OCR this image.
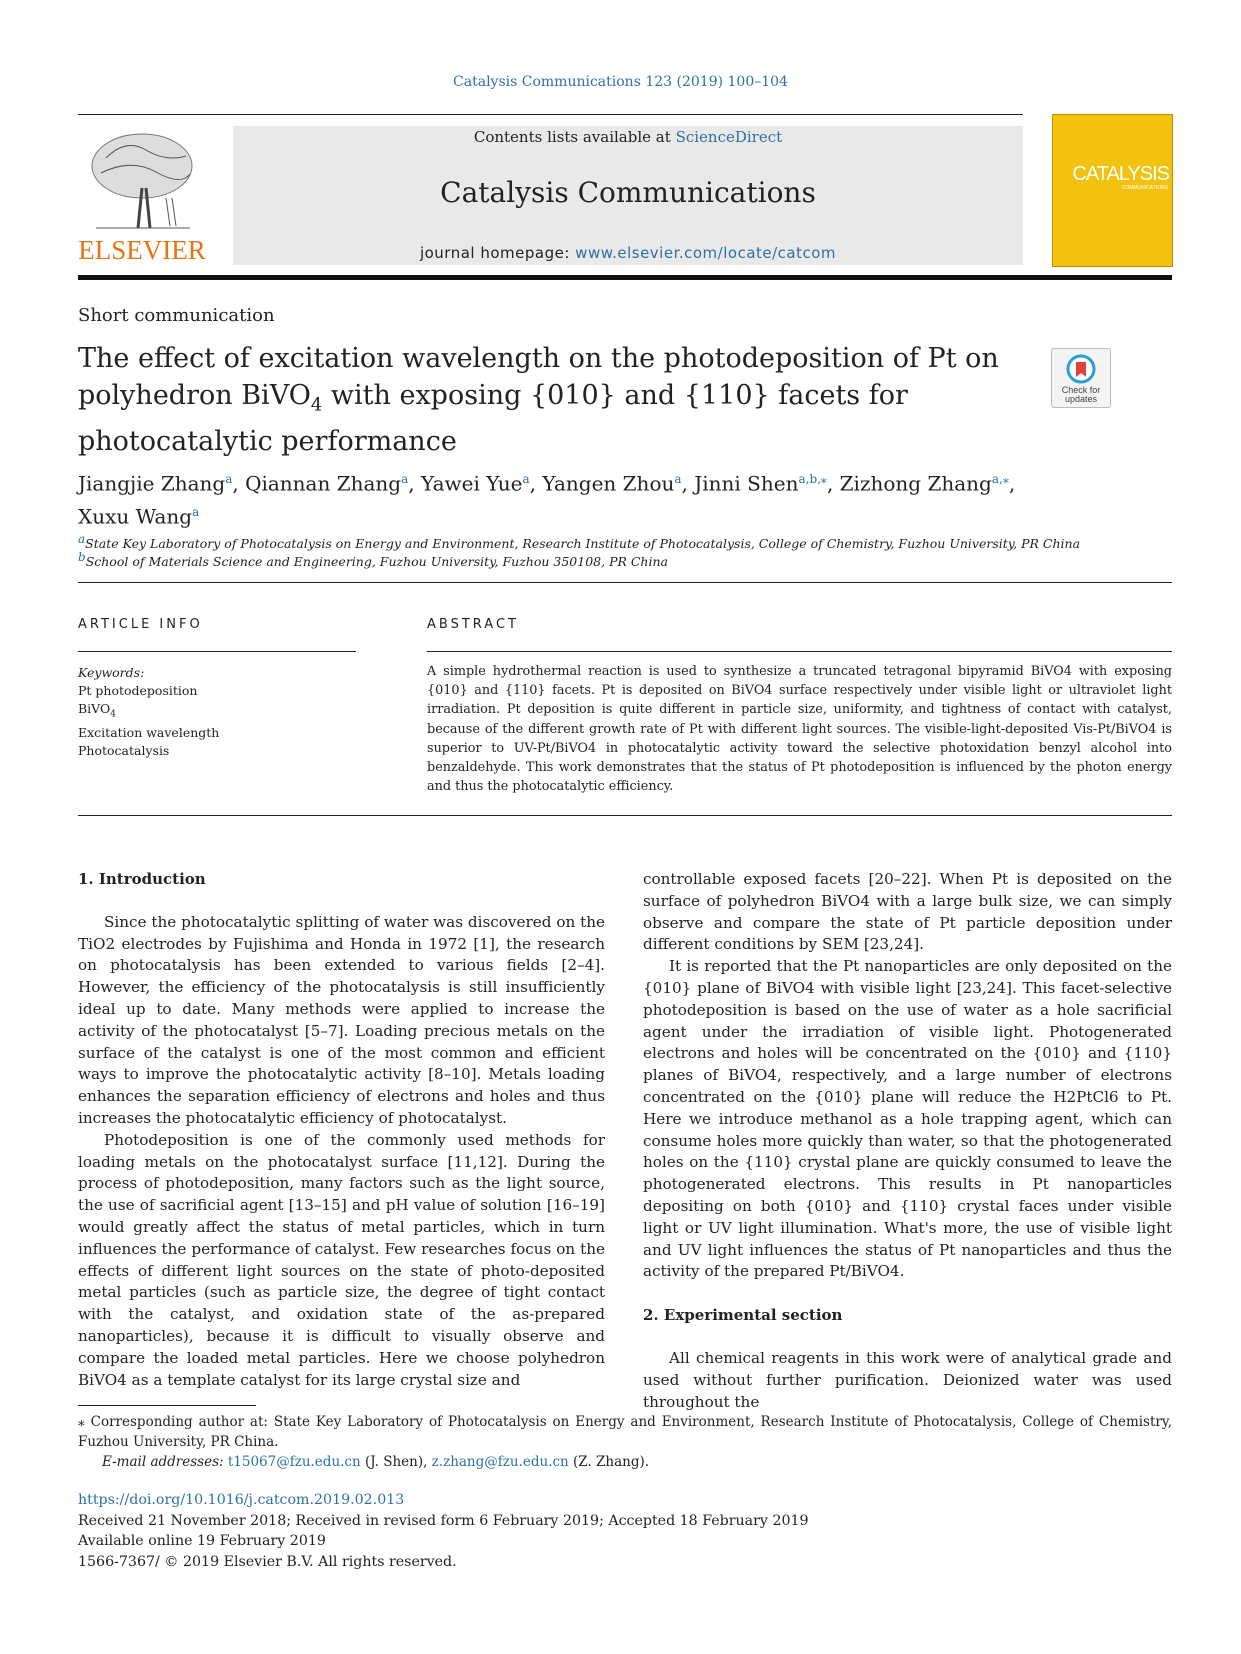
Catalysis Communications 123 (2019) 100–104
ELSEVIER
Contents lists available at ScienceDirect
Catalysis Communications
journal homepage: www.elsevier.com/locate/catcom
CATALYSIS
COMMUNICATIONS
Short communication
The effect of excitation wavelength on the photodeposition of Pt on polyhedron BiVO$_4$ with exposing {010} and {110} facets for photocatalytic performance
Check for updates
Jiangjie Zhang$^a$, Qiannan Zhang$^a$, Yawei Yue$^a$, Yangen Zhou$^a$, Jinni Shen$^{a,b,⁎}$, Zizhong Zhang$^{a,⁎}$,
Xuxu Wang$^a$
$^a$State Key Laboratory of Photocatalysis on Energy and Environment, Research Institute of Photocatalysis, College of Chemistry, Fuzhou University, PR China
$^b$School of Materials Science and Engineering, Fuzhou University, Fuzhou 350108, PR China
ARTICLE INFO
Keywords:
Pt photodeposition
BiVO$_4$
Excitation wavelength
Photocatalysis
ABSTRACT
A simple hydrothermal reaction is used to synthesize a truncated tetragonal bipyramid BiVO4 with exposing {010} and {110} facets. Pt is deposited on BiVO4 surface respectively under visible light or ultraviolet light irradiation. Pt deposition is quite different in particle size, uniformity, and tightness of contact with catalyst, because of the different growth rate of Pt with different light sources. The visible-light-deposited Vis-Pt/BiVO4 is superior to UV-Pt/BiVO4 in photocatalytic activity toward the selective photoxidation benzyl alcohol into benzaldehyde. This work demonstrates that the status of Pt photodeposition is influenced by the photon energy and thus the photocatalytic efficiency.
1. Introduction

Since the photocatalytic splitting of water was discovered on the TiO2 electrodes by Fujishima and Honda in 1972 [1], the research on photocatalysis has been extended to various fields [2–4]. However, the efficiency of the photocatalysis is still insufficiently ideal up to date. Many methods were applied to increase the activity of the photocatalyst [5–7]. Loading precious metals on the surface of the catalyst is one of the most common and efficient ways to improve the photocatalytic activity [8–10]. Metals loading enhances the separation efficiency of electrons and holes and thus increases the photocatalytic efficiency of photocatalyst.

Photodeposition is one of the commonly used methods for loading metals on the photocatalyst surface [11,12]. During the process of photodeposition, many factors such as the light source, the use of sacrificial agent [13–15] and pH value of solution [16–19] would greatly affect the status of metal particles, which in turn influences the performance of catalyst. Few researches focus on the effects of different light sources on the state of photo-deposited metal particles (such as particle size, the degree of tight contact with the catalyst, and oxidation state of the as-prepared nanoparticles), because it is difficult to visually observe and compare the loaded metal particles. Here we choose polyhedron BiVO4 as a template catalyst for its large crystal size and

controllable exposed facets [20–22]. When Pt is deposited on the surface of polyhedron BiVO4 with a large bulk size, we can simply observe and compare the state of Pt particle deposition under different conditions by SEM [23,24].

It is reported that the Pt nanoparticles are only deposited on the {010} plane of BiVO4 with visible light [23,24]. This facet-selective photodeposition is based on the use of water as a hole sacrificial agent under the irradiation of visible light. Photogenerated electrons and holes will be concentrated on the {010} and {110} planes of BiVO4, respectively, and a large number of electrons concentrated on the {010} plane will reduce the H2PtCl6 to Pt. Here we introduce methanol as a hole trapping agent, which can consume holes more quickly than water, so that the photogenerated holes on the {110} crystal plane are quickly consumed to leave the photogenerated electrons. This results in Pt nanoparticles depositing on both {010} and {110} crystal faces under visible light or UV light illumination. What's more, the use of visible light and UV light influences the status of Pt nanoparticles and thus the activity of the prepared Pt/BiVO4.

2. Experimental section

All chemical reagents in this work were of analytical grade and used without further purification. Deionized water was used throughout the

⁎ Corresponding author at: State Key Laboratory of Photocatalysis on Energy and Environment, Research Institute of Photocatalysis, College of Chemistry, Fuzhou University, PR China.
E-mail addresses: t15067@fzu.edu.cn (J. Shen), z.zhang@fzu.edu.cn (Z. Zhang).
https://doi.org/10.1016/j.catcom.2019.02.013
Received 21 November 2018; Received in revised form 6 February 2019; Accepted 18 February 2019
Available online 19 February 2019
1566-7367/ © 2019 Elsevier B.V. All rights reserved.
